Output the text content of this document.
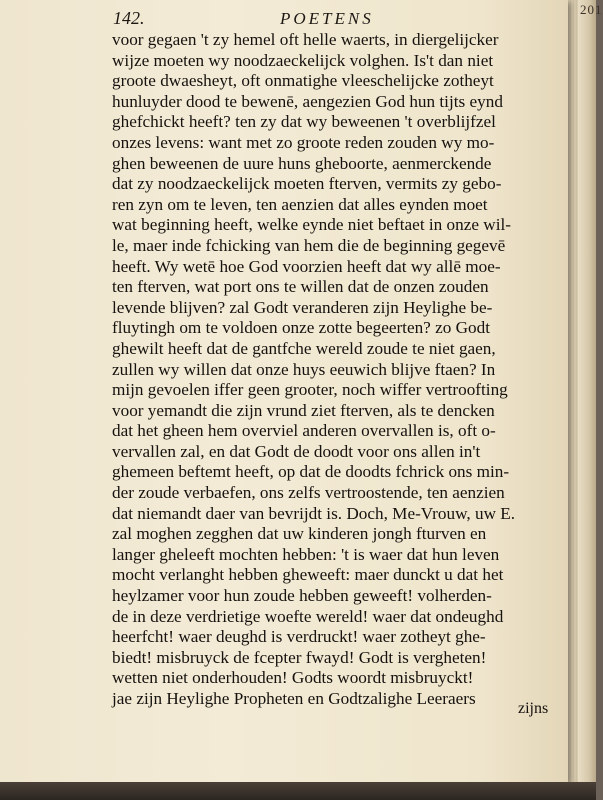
201
142.	POETENS
voor gegaen 't zy hemel oft helle waerts, in diergelijcker
wijze moeten wy noodzaeckelijck volghen. Is't dan niet
groote dwaesheyt, oft onmatighe vleeschelijcke zotheyt
hunluyder dood te bewenē, aengezien God hun tijts eynd
ghefchickt heeft? ten zy dat wy beweenen 't overblijfzel
onzes levens: want met zo groote reden zouden wy mo-
ghen beweenen de uure huns gheboorte, aenmerckende
dat zy noodzaeckelijck moeten fterven, vermits zy gebo-
ren zyn om te leven, ten aenzien dat alles eynden moet
wat beginning heeft, welke eynde niet beftaet in onze wil-
le, maer inde fchicking van hem die de beginning gegevē
heeft. Wy wetē hoe God voorzien heeft dat wy allē moe-
ten fterven, wat port ons te willen dat de onzen zouden
levende blijven? zal Godt veranderen zijn Heylighe be-
fluytingh om te voldoen onze zotte begeerten? zo Godt
ghewilt heeft dat de gantfche wereld zoude te niet gaen,
zullen wy willen dat onze huys eeuwich blijve ftaen? In
mijn gevoelen iffer geen grooter, noch wiffer vertroofting
voor yemandt die zijn vrund ziet fterven, als te dencken
dat het gheen hem overviel anderen overvallen is, oft o-
vervallen zal, en dat Godt de doodt voor ons allen in't
ghemeen beftemt heeft, op dat de doodts fchrick ons min-
der zoude verbaefen, ons zelfs vertroostende, ten aenzien
dat niemandt daer van bevrijdt is. Doch, Me-Vrouw, uw E.
zal moghen zegghen dat uw kinderen jongh fturven en
langer gheleeft mochten hebben: 't is waer dat hun leven
mocht verlanght hebben gheweeft: maer dunckt u dat het
heylzamer voor hun zoude hebben geweeft! volherden-
de in deze verdrietige woefte wereld! waer dat ondeughd
heerfcht! waer deughd is verdruckt! waer zotheyt ghe-
biedt! misbruyck de fcepter fwayd! Godt is vergheten!
wetten niet onderhouden! Godts woordt misbruyckt!
jae zijn Heylighe Propheten en Godtzalighe Leeraers
zijns
